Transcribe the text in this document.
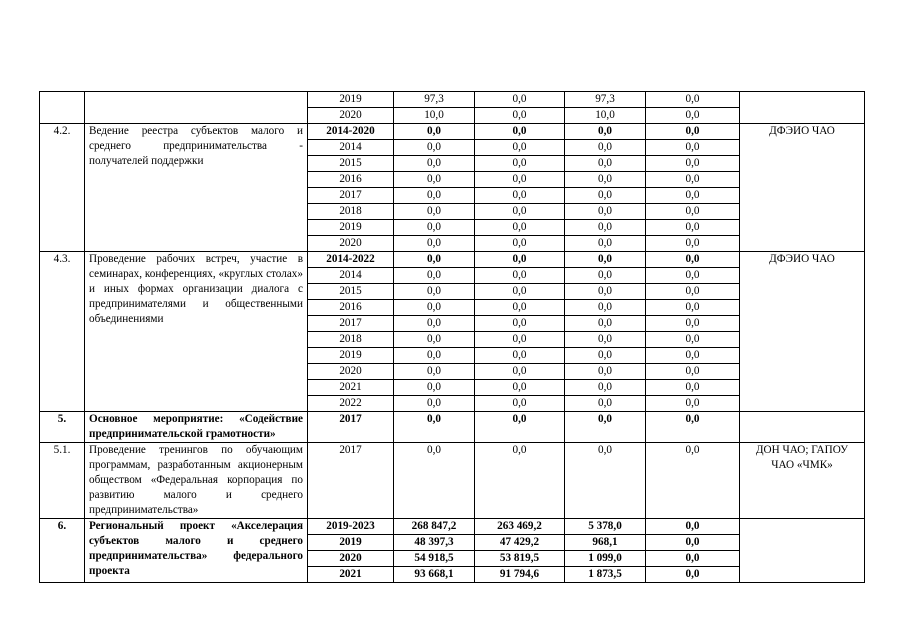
		2019	97,3	0,0	97,3	0,0	
		2020	10,0	0,0	10,0	0,0	
4.2.	Ведение реестра субъектов малого и среднего предпринимательства - получателей поддержки	2014-2020	0,0	0,0	0,0	0,0	ДФЭИО ЧАО
		2014	0,0	0,0	0,0	0,0	
		2015	0,0	0,0	0,0	0,0	
		2016	0,0	0,0	0,0	0,0	
		2017	0,0	0,0	0,0	0,0	
		2018	0,0	0,0	0,0	0,0	
		2019	0,0	0,0	0,0	0,0	
		2020	0,0	0,0	0,0	0,0	
4.3.	Проведение рабочих встреч, участие в семинарах, конференциях, «круглых столах» и иных формах организации диалога с предпринимателями и общественными объединениями	2014-2022	0,0	0,0	0,0	0,0	ДФЭИО ЧАО
		2014	0,0	0,0	0,0	0,0	
		2015	0,0	0,0	0,0	0,0	
		2016	0,0	0,0	0,0	0,0	
		2017	0,0	0,0	0,0	0,0	
		2018	0,0	0,0	0,0	0,0	
		2019	0,0	0,0	0,0	0,0	
		2020	0,0	0,0	0,0	0,0	
		2021	0,0	0,0	0,0	0,0	
		2022	0,0	0,0	0,0	0,0	
5.	Основное мероприятие: «Содействие предпринимательской грамотности»	2017	0,0	0,0	0,0	0,0	
5.1.	Проведение тренингов по обучающим программам, разработанным акционерным обществом «Федеральная корпорация по развитию малого и среднего предпринимательства»	2017	0,0	0,0	0,0	0,0	ДОН ЧАО; ГАПОУ ЧАО «ЧМК»
6.	Региональный проект «Акселерация субъектов малого и среднего предпринимательства» федерального проекта	2019-2023	268 847,2	263 469,2	5 378,0	0,0	
		2019	48 397,3	47 429,2	968,1	0,0	
		2020	54 918,5	53 819,5	1 099,0	0,0	
		2021	93 668,1	91 794,6	1 873,5	0,0	
